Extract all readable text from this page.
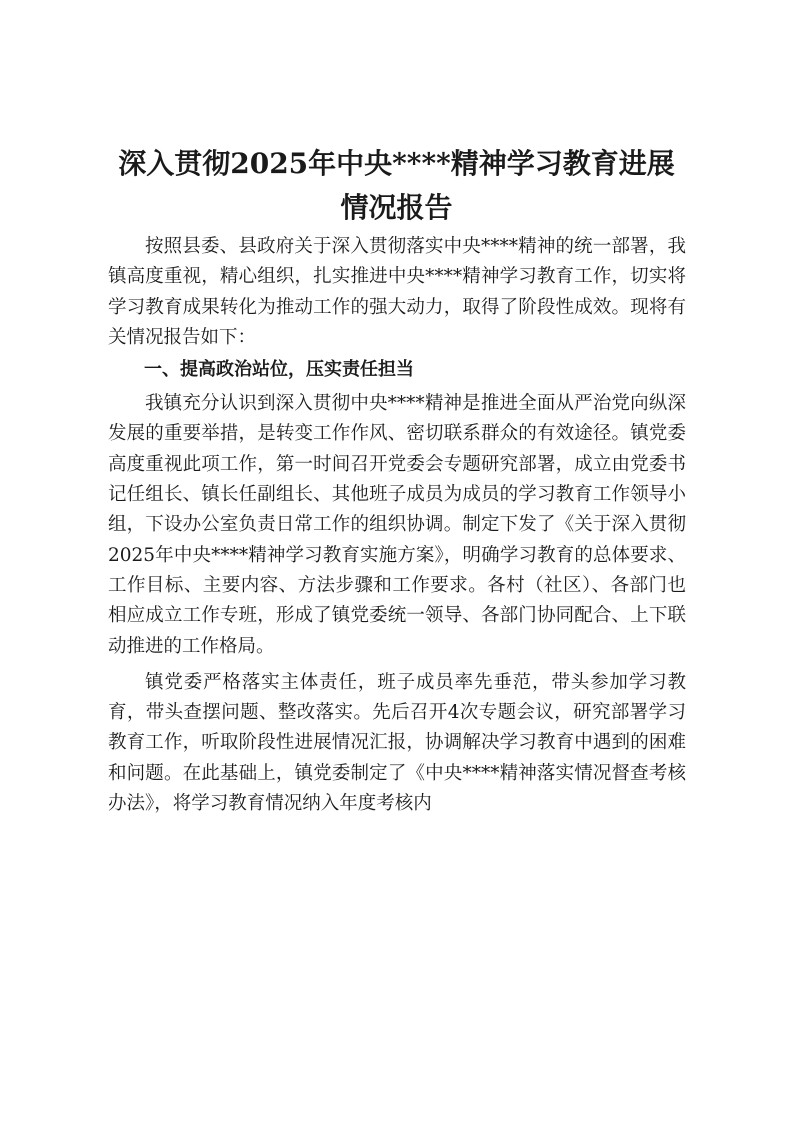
深入贯彻2025年中央****精神学习教育进展
情况报告

按照县委、县政府关于深入贯彻落实中央****精神的统一部署，我镇高度重视，精心组织，扎实推进中央****精神学习教育工作，切实将学习教育成果转化为推动工作的强大动力，取得了阶段性成效。现将有关情况报告如下：

一、提高政治站位，压实责任担当

我镇充分认识到深入贯彻中央****精神是推进全面从严治党向纵深发展的重要举措，是转变工作作风、密切联系群众的有效途径。镇党委高度重视此项工作，第一时间召开党委会专题研究部署，成立由党委书记任组长、镇长任副组长、其他班子成员为成员的学习教育工作领导小组，下设办公室负责日常工作的组织协调。制定下发了《关于深入贯彻2025年中央****精神学习教育实施方案》，明确学习教育的总体要求、工作目标、主要内容、方法步骤和工作要求。各村（社区）、各部门也相应成立工作专班，形成了镇党委统一领导、各部门协同配合、上下联动推进的工作格局。

镇党委严格落实主体责任，班子成员率先垂范，带头参加学习教育，带头查摆问题、整改落实。先后召开4次专题会议，研究部署学习教育工作，听取阶段性进展情况汇报，协调解决学习教育中遇到的困难和问题。在此基础上，镇党委制定了《中央****精神落实情况督查考核办法》，将学习教育情况纳入年度考核内
